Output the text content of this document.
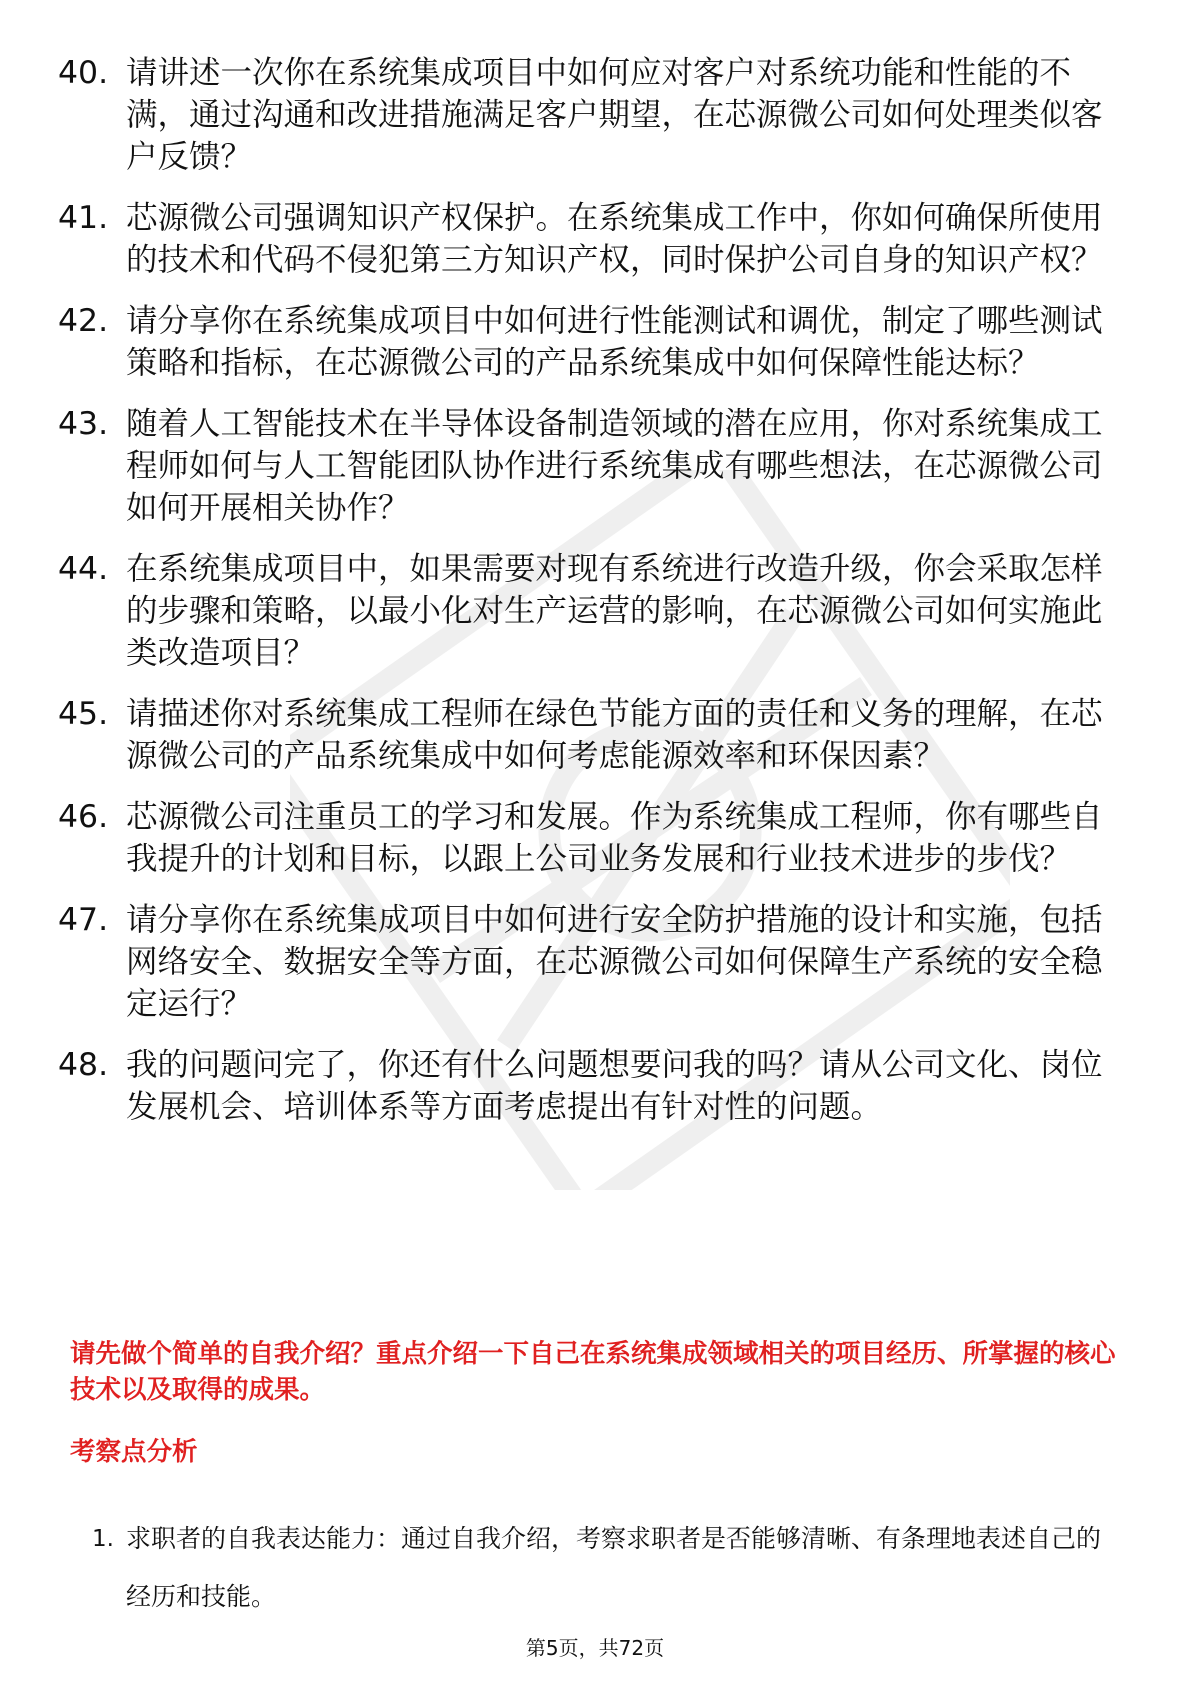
40. 请讲述一次你在系统集成项目中如何应对客户对系统功能和性能的不满，通过沟通和改进措施满足客户期望，在芯源微公司如何处理类似客户反馈？
41. 芯源微公司强调知识产权保护。在系统集成工作中，你如何确保所使用的技术和代码不侵犯第三方知识产权，同时保护公司自身的知识产权？
42. 请分享你在系统集成项目中如何进行性能测试和调优，制定了哪些测试策略和指标，在芯源微公司的产品系统集成中如何保障性能达标？
43. 随着人工智能技术在半导体设备制造领域的潜在应用，你对系统集成工程师如何与人工智能团队协作进行系统集成有哪些想法，在芯源微公司如何开展相关协作？
44. 在系统集成项目中，如果需要对现有系统进行改造升级，你会采取怎样的步骤和策略，以最小化对生产运营的影响，在芯源微公司如何实施此类改造项目？
45. 请描述你对系统集成工程师在绿色节能方面的责任和义务的理解，在芯源微公司的产品系统集成中如何考虑能源效率和环保因素？
46. 芯源微公司注重员工的学习和发展。作为系统集成工程师，你有哪些自我提升的计划和目标，以跟上公司业务发展和行业技术进步的步伐？
47. 请分享你在系统集成项目中如何进行安全防护措施的设计和实施，包括网络安全、数据安全等方面，在芯源微公司如何保障生产系统的安全稳定运行？
48. 我的问题问完了，你还有什么问题想要问我的吗？请从公司文化、岗位发展机会、培训体系等方面考虑提出有针对性的问题。
请先做个简单的自我介绍？重点介绍一下自己在系统集成领域相关的项目经历、所掌握的核心技术以及取得的成果。
考察点分析
1. 求职者的自我表达能力：通过自我介绍，考察求职者是否能够清晰、有条理地表述自己的经历和技能。
第5页，共72页
